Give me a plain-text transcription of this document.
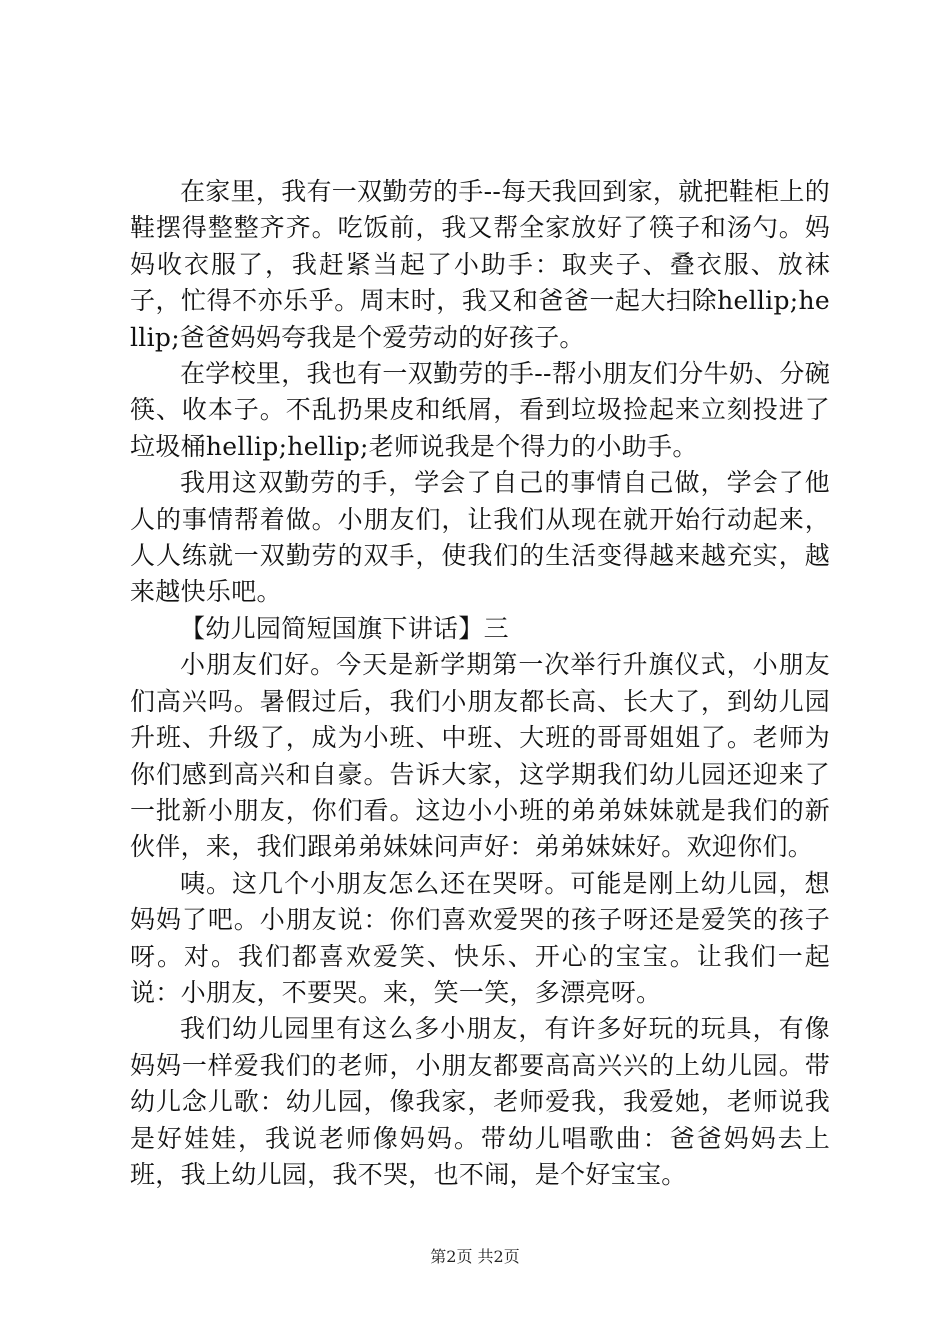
在家里，我有一双勤劳的手--每天我回到家，就把鞋柜上的鞋摆得整整齐齐。吃饭前，我又帮全家放好了筷子和汤勺。妈妈收衣服了，我赶紧当起了小助手：取夹子、叠衣服、放袜子，忙得不亦乐乎。周末时，我又和爸爸一起大扫除hellip;hellip;爸爸妈妈夸我是个爱劳动的好孩子。

在学校里，我也有一双勤劳的手--帮小朋友们分牛奶、分碗筷、收本子。不乱扔果皮和纸屑，看到垃圾捡起来立刻投进了垃圾桶hellip;hellip;老师说我是个得力的小助手。

我用这双勤劳的手，学会了自己的事情自己做，学会了他人的事情帮着做。小朋友们，让我们从现在就开始行动起来，人人练就一双勤劳的双手，使我们的生活变得越来越充实，越来越快乐吧。

【幼儿园简短国旗下讲话】三

小朋友们好。今天是新学期第一次举行升旗仪式，小朋友们高兴吗。暑假过后，我们小朋友都长高、长大了，到幼儿园升班、升级了，成为小班、中班、大班的哥哥姐姐了。老师为你们感到高兴和自豪。告诉大家，这学期我们幼儿园还迎来了一批新小朋友，你们看。这边小小班的弟弟妹妹就是我们的新伙伴，来，我们跟弟弟妹妹问声好：弟弟妹妹好。欢迎你们。

咦。这几个小朋友怎么还在哭呀。可能是刚上幼儿园，想妈妈了吧。小朋友说：你们喜欢爱哭的孩子呀还是爱笑的孩子呀。对。我们都喜欢爱笑、快乐、开心的宝宝。让我们一起说：小朋友，不要哭。来，笑一笑，多漂亮呀。

我们幼儿园里有这么多小朋友，有许多好玩的玩具，有像妈妈一样爱我们的老师，小朋友都要高高兴兴的上幼儿园。带幼儿念儿歌：幼儿园，像我家，老师爱我，我爱她，老师说我是好娃娃，我说老师像妈妈。带幼儿唱歌曲：爸爸妈妈去上班，我上幼儿园，我不哭，也不闹，是个好宝宝。

第2页 共2页
